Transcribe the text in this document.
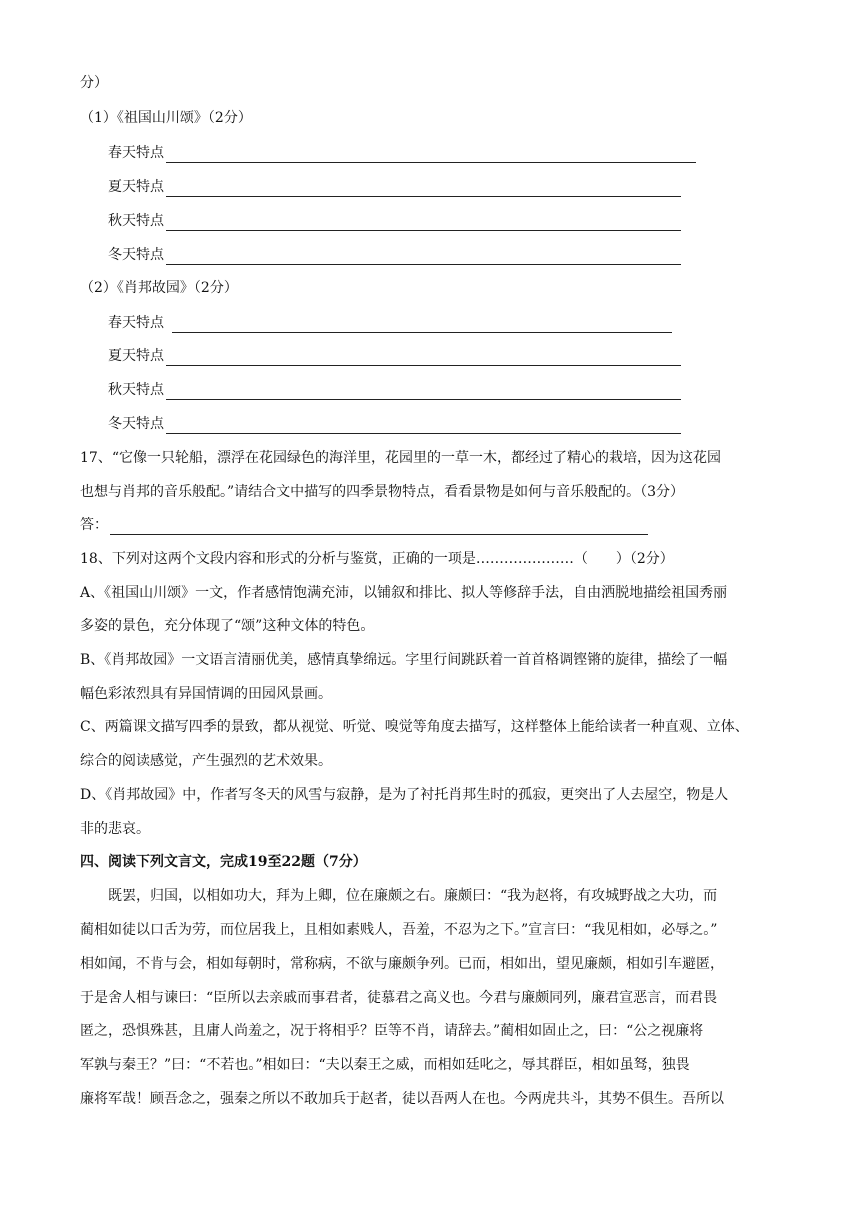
分）
（1）《祖国山川颂》（2分）
春天特点
夏天特点
秋天特点
冬天特点
（2）《肖邦故园》（2分）
春天特点
夏天特点
秋天特点
冬天特点
17、“它像一只轮船，漂浮在花园绿色的海洋里，花园里的一草一木，都经过了精心的栽培，因为这花园
也想与肖邦的音乐般配。”请结合文中描写的四季景物特点，看看景物是如何与音乐般配的。（3分）
答：
18、下列对这两个文段内容和形式的分析与鉴赏，正确的一项是…………………（　　）（2分）
A、《祖国山川颂》一文，作者感情饱满充沛，以铺叙和排比、拟人等修辞手法，自由洒脱地描绘祖国秀丽
多姿的景色，充分体现了“颂”这种文体的特色。
B、《肖邦故园》一文语言清丽优美，感情真挚绵远。字里行间跳跃着一首首格调铿锵的旋律，描绘了一幅
幅色彩浓烈具有异国情调的田园风景画。
C、两篇课文描写四季的景致，都从视觉、听觉、嗅觉等角度去描写，这样整体上能给读者一种直观、立体、
综合的阅读感觉，产生强烈的艺术效果。
D、《肖邦故园》中，作者写冬天的风雪与寂静，是为了衬托肖邦生时的孤寂，更突出了人去屋空，物是人
非的悲哀。
四、阅读下列文言文，完成19至22题（7分）
既罢，归国，以相如功大，拜为上卿，位在廉颇之右。廉颇曰：“我为赵将，有攻城野战之大功，而
蔺相如徒以口舌为劳，而位居我上，且相如素贱人，吾羞，不忍为之下。”宣言曰：“我见相如，必辱之。”
相如闻，不肯与会，相如每朝时，常称病，不欲与廉颇争列。已而，相如出，望见廉颇，相如引车避匿，
于是舍人相与谏曰：“臣所以去亲戚而事君者，徒慕君之高义也。今君与廉颇同列，廉君宣恶言，而君畏
匿之，恐惧殊甚，且庸人尚羞之，况于将相乎？臣等不肖，请辞去。”蔺相如固止之，曰：“公之视廉将
军孰与秦王？”曰：“不若也。”相如曰：“夫以秦王之威，而相如廷叱之，辱其群臣，相如虽驽，独畏
廉将军哉！顾吾念之，强秦之所以不敢加兵于赵者，徒以吾两人在也。今两虎共斗，其势不俱生。吾所以
